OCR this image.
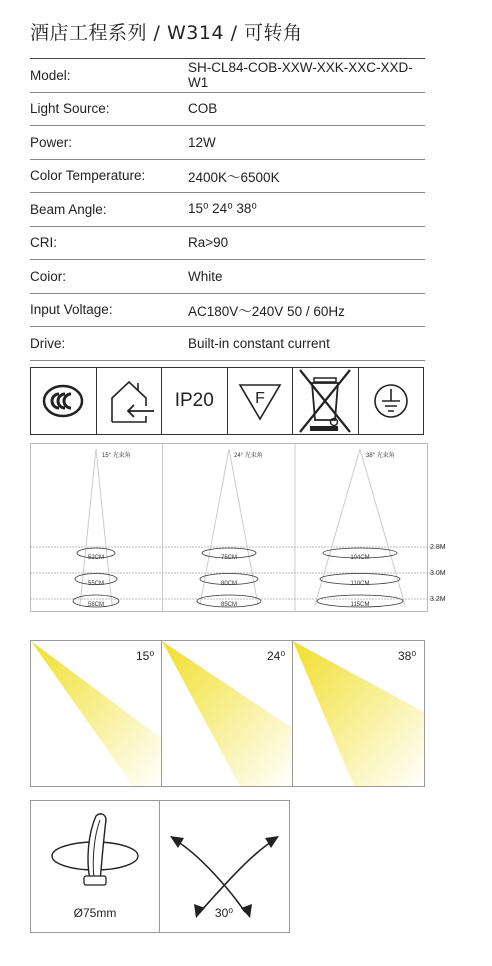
酒店工程系列 / W314 / 可转角
Model:	SH-CL84-COB-XXW-XXK-XXC-XXD-W1
Light Source:	COB
Power:	12W
Color Temperature:	2400K～6500K
Beam Angle:	15⁰ 24⁰ 38⁰
CRI:	Ra>90
Coior:	White
Input Voltage:	AC180V～240V 50 / 60Hz
Drive:	Built-in constant current
IP20	F
15° 光束角	24° 光束角	38° 光束角
52CM
55CM
58CM
75CM
80CM
85CM
104CM
110CM
115CM
2.8M
3.0M
3.2M
15⁰	24⁰	38⁰
Ø75mm	30⁰
